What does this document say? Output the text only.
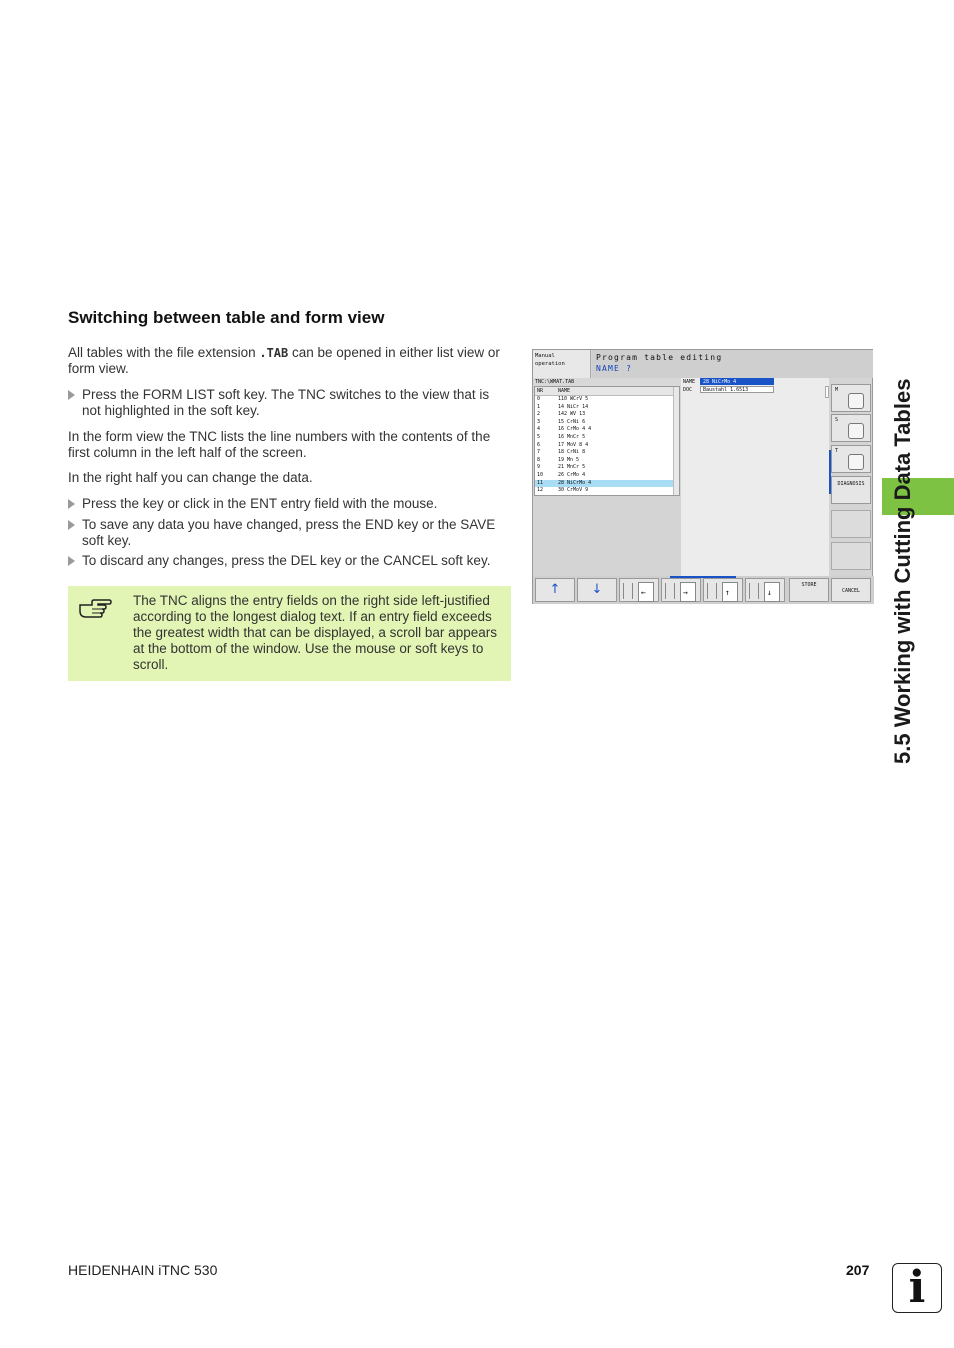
Switching between table and form view
All tables with the file extension .TAB can be opened in either list view or form view.
Press the FORM LIST soft key. The TNC switches to the view that is not highlighted in the soft key.
In the form view the TNC lists the line numbers with the contents of the first column in the left half of the screen.
In the right half you can change the data.
Press the key or click in the ENT entry field with the mouse.
To save any data you have changed, press the END key or the SAVE soft key.
To discard any changes, press the DEL key or the CANCEL soft key.
The TNC aligns the entry fields on the right side left-justified according to the longest dialog text. If an entry field exceeds the greatest width that can be displayed, a scroll bar appears at the bottom of the window. Use the mouse or soft keys to scroll.
Manual
operation
Program table editing
NAME ?
TNC:\WMAT.TAB
NR	NAME
0	110 WCrV 5
1	14 NiCr 14
2	142 WV 13
3	15 CrNi 6
4	16 CrMo 4 4
5	16 MnCr 5
6	17 MoV 8 4
7	18 CrNi 8
8	19 Mn 5
9	21 MnCr 5
10	26 CrMo 4
11	28 NiCrMo 4
12	30 CrMoV 9
NAME 28 NiCrMo 4
DOC Baustahl 1.6513	M
S
T
DIAGNOSIS
↑	↓	←	→	↑	↓
STORE
CANCEL	5.5 Working with Cutting Data Tables
HEIDENHAIN iTNC 530	207 i
